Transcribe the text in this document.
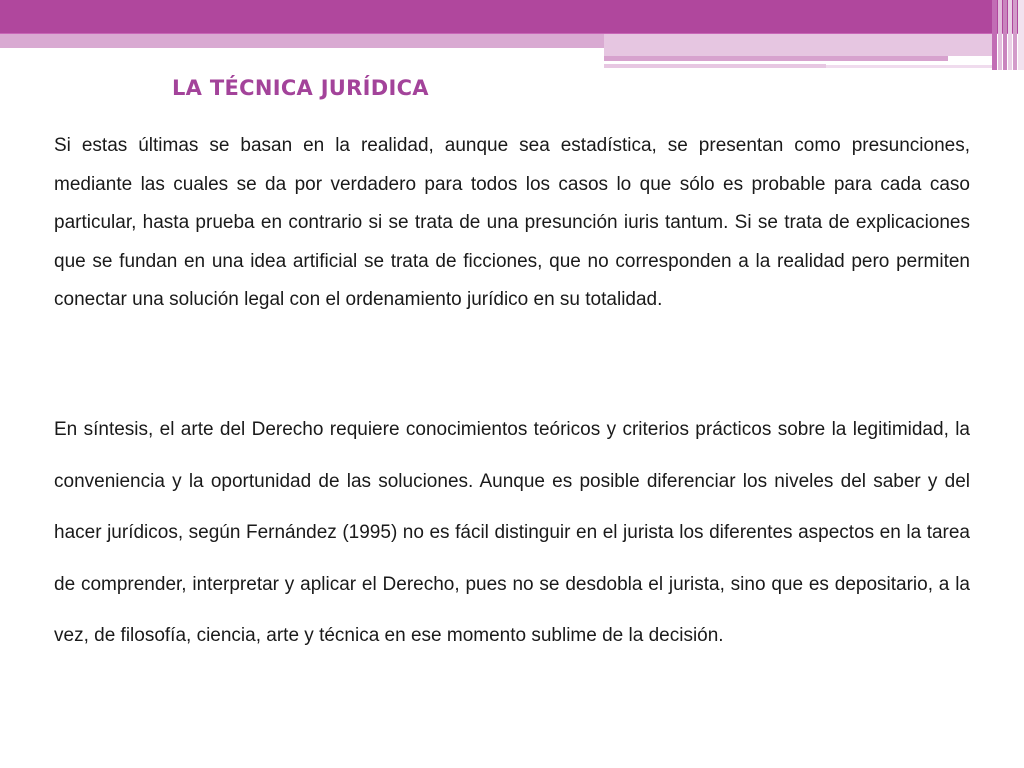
LA TÉCNICA JURÍDICA

Si estas últimas se basan en la realidad, aunque sea estadística, se presentan como presunciones, mediante las cuales se da por verdadero para todos los casos lo que sólo es probable para cada caso particular, hasta prueba en contrario si se trata de una presunción iuris tantum. Si se trata de explicaciones que se fundan en una idea artificial se trata de ficciones, que no corresponden a la realidad pero permiten conectar una solución legal con el ordenamiento jurídico en su totalidad.

En síntesis, el arte del Derecho requiere conocimientos teóricos y criterios prácticos sobre la legitimidad, la conveniencia y la oportunidad de las soluciones. Aunque es posible diferenciar los niveles del saber y del hacer jurídicos, según Fernández (1995) no es fácil distinguir en el jurista los diferentes aspectos en la tarea de comprender, interpretar y aplicar el Derecho, pues no se desdobla el jurista, sino que es depositario, a la vez, de filosofía, ciencia, arte y técnica en ese momento sublime de la decisión.
